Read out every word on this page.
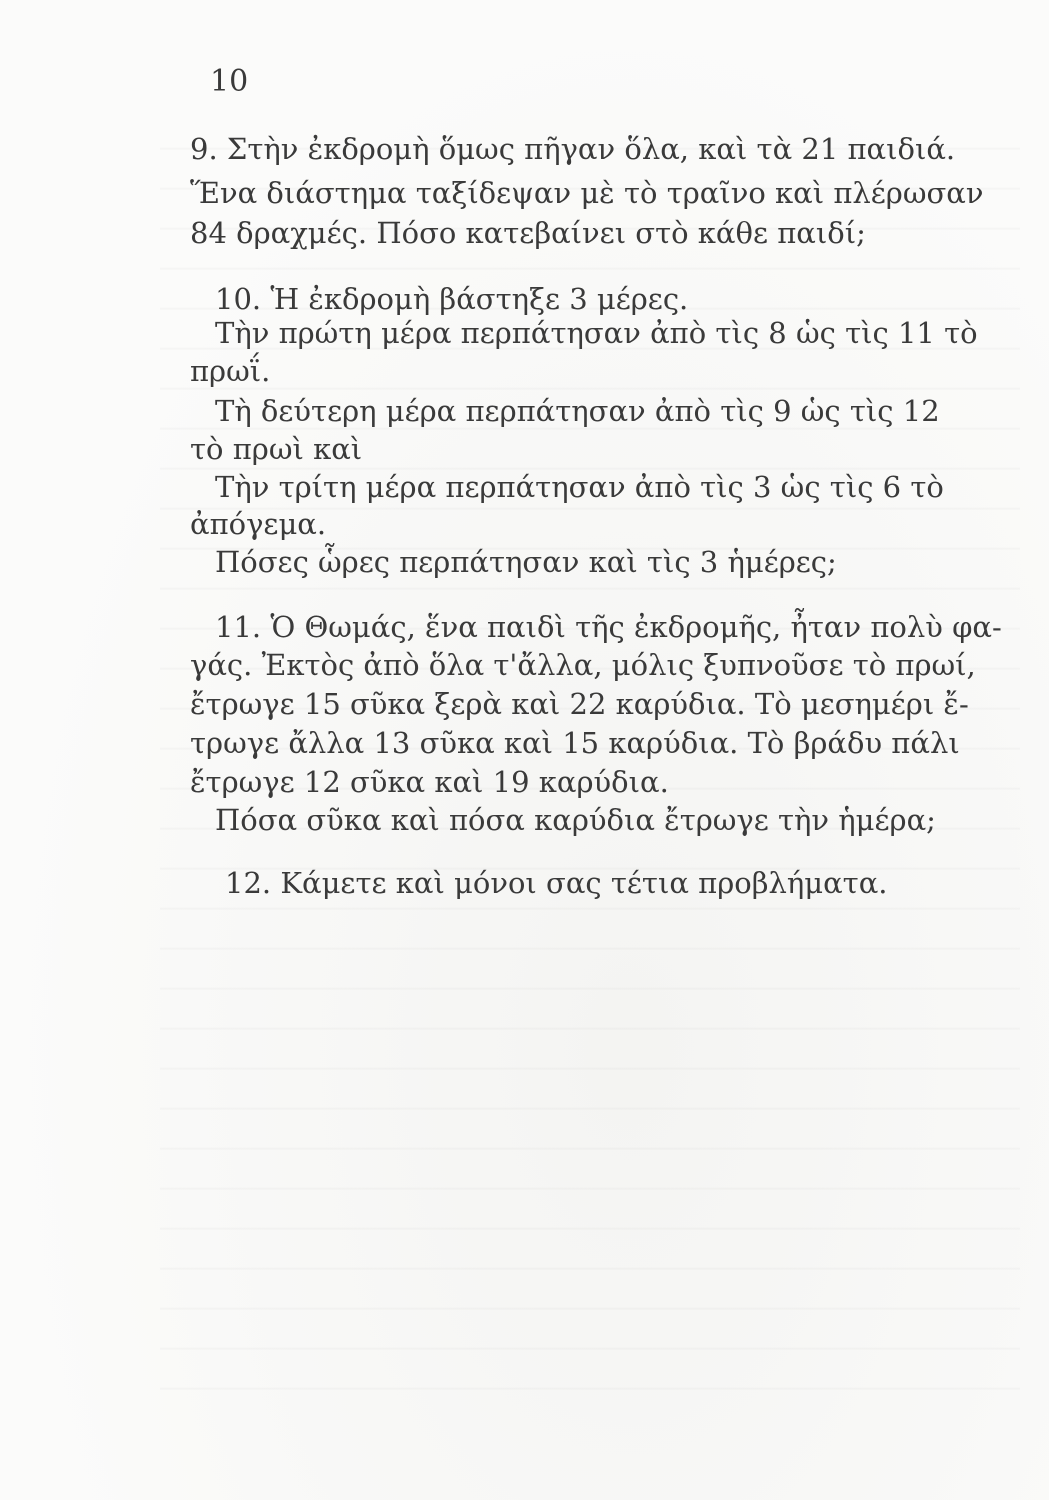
10
9. Στὴν ἐκδρομὴ ὅμως πῆγαν ὅλα, καὶ τὰ 21 παιδιά.
Ἕνα διάστημα ταξίδεψαν μὲ τὸ τραῖνο καὶ πλέρωσαν
84 δραχμές. Πόσο κατεβαίνει στὸ κάθε παιδί;
10. Ἡ ἐκδρομὴ βάστηξε 3 μέρες.
Τὴν πρώτη μέρα περπάτησαν ἀπὸ τὶς 8 ὡς τὶς 11 τὸ
πρωΐ.
Τὴ δεύτερη μέρα περπάτησαν ἀπὸ τὶς 9 ὡς τὶς 12
τὸ πρωὶ καὶ
Τὴν τρίτη μέρα περπάτησαν ἀπὸ τὶς 3 ὡς τὶς 6 τὸ
ἀπόγεμα.
Πόσες ὧρες περπάτησαν καὶ τὶς 3 ἡμέρες;
11. Ὁ Θωμάς, ἕνα παιδὶ τῆς ἐκδρομῆς, ἦταν πολὺ φα-
γάς. Ἐκτὸς ἀπὸ ὅλα τ'ἄλλα, μόλις ξυπνοῦσε τὸ πρωί,
ἔτρωγε 15 σῦκα ξερὰ καὶ 22 καρύδια. Τὸ μεσημέρι ἔ-
τρωγε ἄλλα 13 σῦκα καὶ 15 καρύδια. Τὸ βράδυ πάλι
ἔτρωγε 12 σῦκα καὶ 19 καρύδια.
Πόσα σῦκα καὶ πόσα καρύδια ἔτρωγε τὴν ἡμέρα;
12. Κάμετε καὶ μόνοι σας τέτια προβλήματα.
